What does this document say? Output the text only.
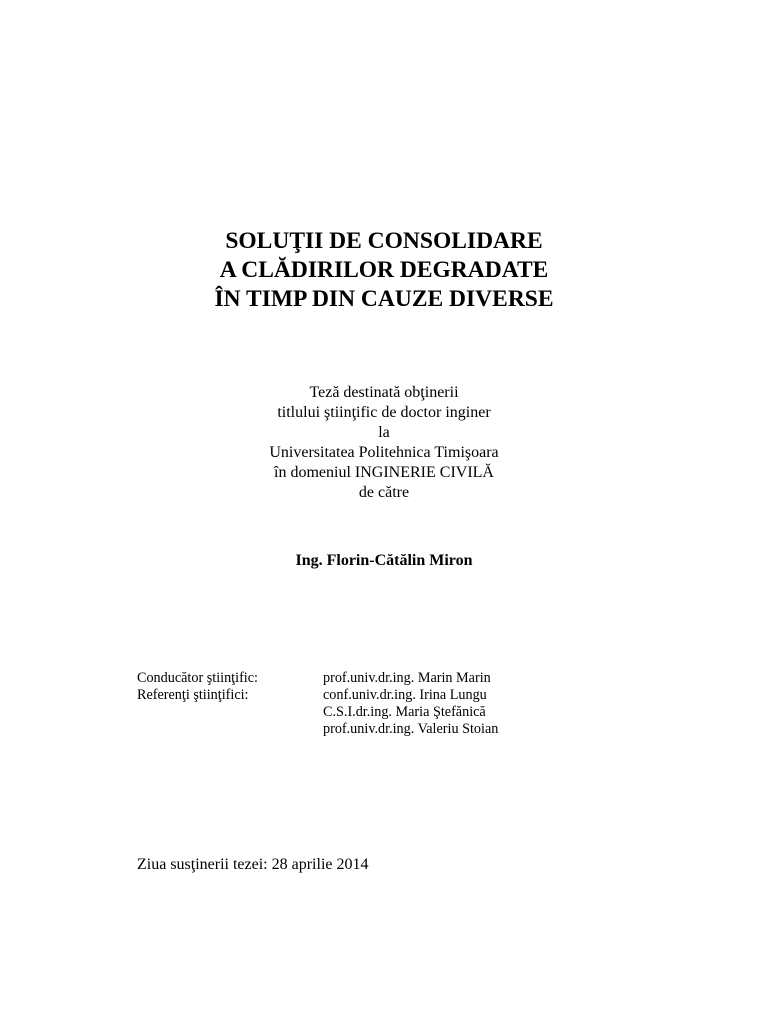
SOLUŢII DE CONSOLIDARE
A CLĂDIRILOR DEGRADATE
ÎN TIMP DIN CAUZE DIVERSE
Teză destinată obţinerii
titlului ştiinţific de doctor inginer
la
Universitatea Politehnica Timişoara
în domeniul INGINERIE CIVILĂ
de către
Ing. Florin-Cătălin Miron
Conducător ştiinţific:	prof.univ.dr.ing. Marin Marin
Referenţi ştiinţifici:	conf.univ.dr.ing. Irina Lungu
C.S.I.dr.ing. Maria Ştefănică
prof.univ.dr.ing. Valeriu Stoian
Ziua susţinerii tezei: 28 aprilie 2014
